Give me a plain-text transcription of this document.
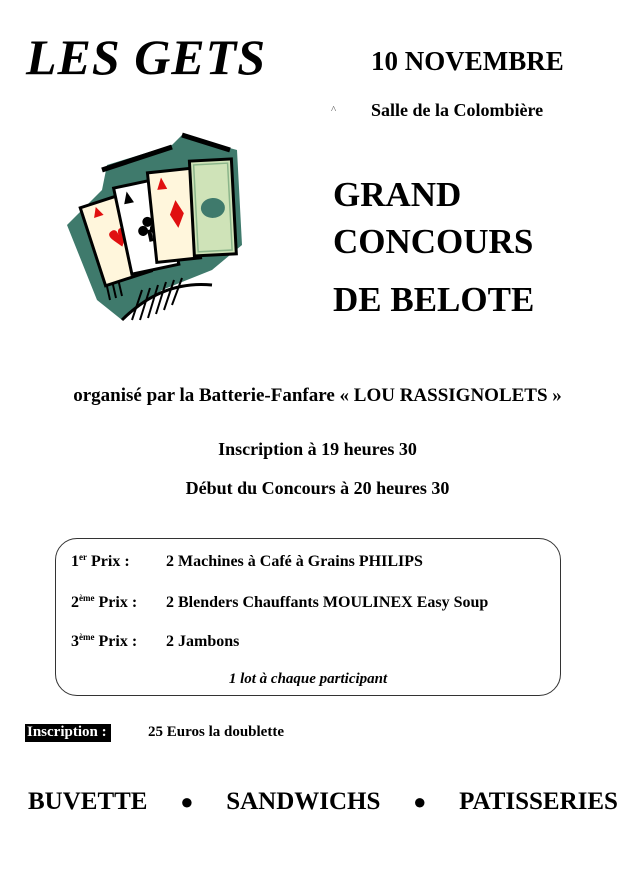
LES GETS	10 NOVEMBRE
^ Salle de la Colombière
GRAND
CONCOURS
DE BELOTE
organisé par la Batterie-Fanfare « LOU RASSIGNOLETS »
Inscription à 19 heures 30
Début du Concours à 20 heures 30
1er Prix : 2 Machines à Café à Grains PHILIPS
2ème Prix : 2 Blenders Chauffants MOULINEX Easy Soup
3ème Prix : 2 Jambons
1 lot à chaque participant
Inscription :	25 Euros la doublette
BUVETTE ● SANDWICHS ● PATISSERIES
